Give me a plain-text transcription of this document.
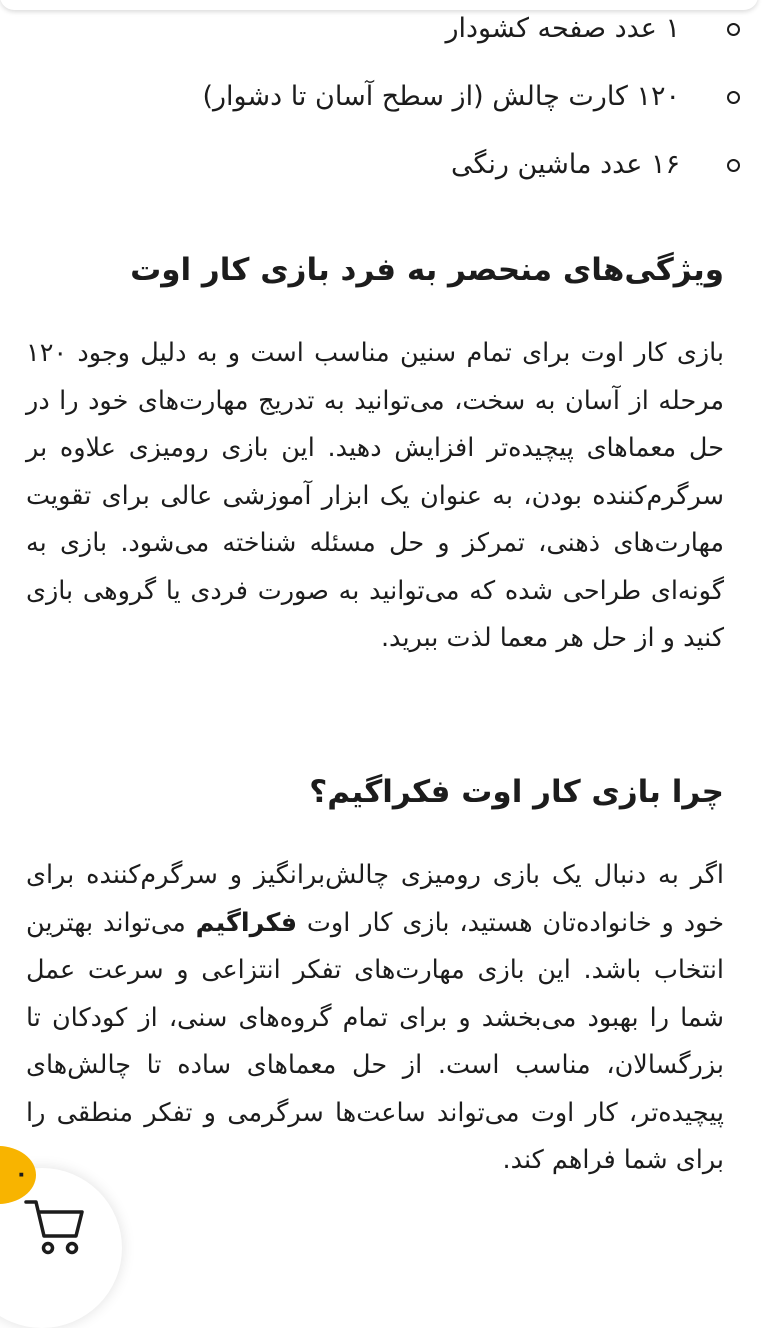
۱ عدد صفحه کشودار
۱۲۰ کارت چالش (از سطح آسان تا دشوار)
۱۶ عدد ماشین رنگی
ویژگی‌های منحصر به فرد بازی کار اوت

بازی کار اوت برای تمام سنین مناسب است و به دلیل وجود ۱۲۰ مرحله از آسان به سخت، می‌توانید به تدریج مهارت‌های خود را در حل معماهای پیچیده‌تر افزایش دهید. این بازی رومیزی علاوه بر سرگرم‌کننده بودن، به عنوان یک ابزار آموزشی عالی برای تقویت مهارت‌های ذهنی، تمرکز و حل مسئله شناخته می‌شود. بازی به گونه‌ای طراحی شده که می‌توانید به صورت فردی یا گروهی بازی کنید و از حل هر معما لذت ببرید.

چرا بازی کار اوت فکراگیم؟

اگر به دنبال یک بازی رومیزی چالش‌برانگیز و سرگرم‌کننده برای خود و خانواده‌تان هستید، بازی کار اوت فکراگیم می‌تواند بهترین انتخاب باشد. این بازی مهارت‌های تفکر انتزاعی و سرعت عمل شما را بهبود می‌بخشد و برای تمام گروه‌های سنی، از کودکان تا بزرگسالان، مناسب است. از حل معماهای ساده تا چالش‌های پیچیده‌تر، کار اوت می‌تواند ساعت‌ها سرگرمی و تفکر منطقی را برای شما فراهم کند.

۰
